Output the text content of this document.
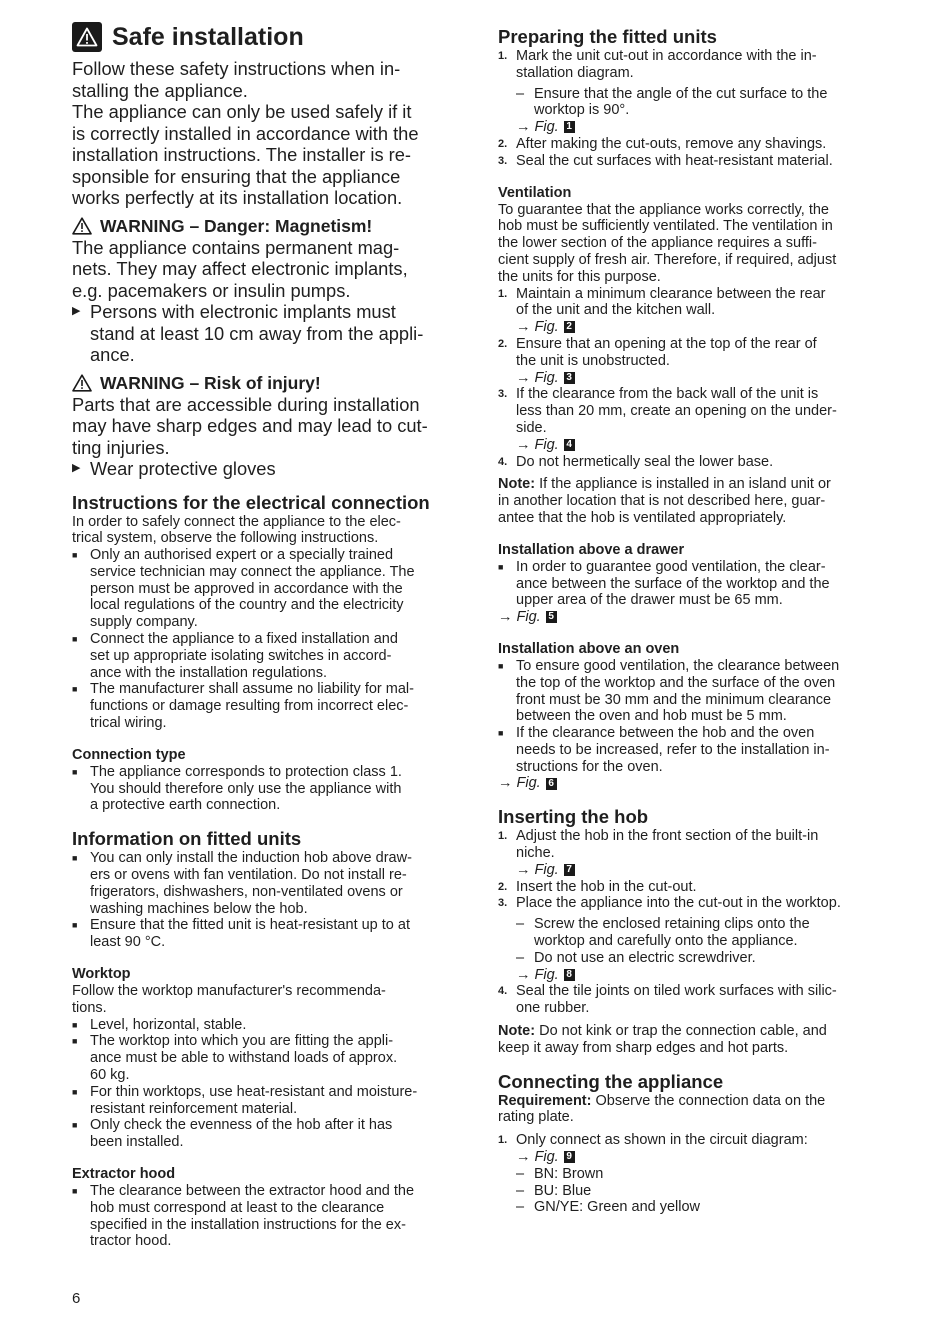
Safe installation

Follow these safety instructions when in-

stalling the appliance.

The appliance can only be used safely if it

is correctly installed in accordance with the

installation instructions. The installer is re-

sponsible for ensuring that the appliance

works perfectly at its installation location.

WARNING – Danger: Magnetism!

The appliance contains permanent mag-

nets. They may affect electronic implants,

e.g. pacemakers or insulin pumps.

▶ Persons with electronic implants must
stand at least 10 cm away from the appli-
ance.
WARNING – Risk of injury!

Parts that are accessible during installation

may have sharp edges and may lead to cut-

ting injuries.

▶ Wear protective gloves
Instructions for the electrical connection

In order to safely connect the appliance to the elec-

trical system, observe the following instructions.

■ Only an authorised expert or a specially trained
service technician may connect the appliance. The
person must be approved in accordance with the
local regulations of the country and the electricity
supply company.
■ Connect the appliance to a fixed installation and
set up appropriate isolating switches in accord-
ance with the installation regulations.
■ The manufacturer shall assume no liability for mal-
functions or damage resulting from incorrect elec-
trical wiring.
Connection type
■ The appliance corresponds to protection class 1.
You should therefore only use the appliance with
a protective earth connection.
Information on fitted units
■ You can only install the induction hob above draw-
ers or ovens with fan ventilation. Do not install re-
frigerators, dishwashers, non-ventilated ovens or
washing machines below the hob.
■ Ensure that the fitted unit is heat-resistant up to at
least 90 °C.
Worktop

Follow the worktop manufacturer's recommenda-

tions.

■ Level, horizontal, stable.
■ The worktop into which you are fitting the appli-
ance must be able to withstand loads of approx.
60 kg.
■ For thin worktops, use heat-resistant and moisture-
resistant reinforcement material.
■ Only check the evenness of the hob after it has
been installed.
Extractor hood
■ The clearance between the extractor hood and the
hob must correspond at least to the clearance
specified in the installation instructions for the ex-
tractor hood.
Preparing the fitted units
1. Mark the unit cut-out in accordance with the in-
stallation diagram.
– Ensure that the angle of the cut surface to the
worktop is 90°.
→ Fig. 1
2. After making the cut-outs, remove any shavings.
3. Seal the cut surfaces with heat-resistant material.
Ventilation

To guarantee that the appliance works correctly, the

hob must be sufficiently ventilated. The ventilation in

the lower section of the appliance requires a suffi-

cient supply of fresh air. Therefore, if required, adjust

the units for this purpose.

1. Maintain a minimum clearance between the rear
of the unit and the kitchen wall.
→ Fig. 2
2. Ensure that an opening at the top of the rear of
the unit is unobstructed.
→ Fig. 3
3. If the clearance from the back wall of the unit is
less than 20 mm, create an opening on the under-
side.
→ Fig. 4
4. Do not hermetically seal the lower base.
Note: If the appliance is installed in an island unit or
in another location that is not described here, guar-
antee that the hob is ventilated appropriately.
Installation above a drawer
■ In order to guarantee good ventilation, the clear-
ance between the surface of the worktop and the
upper area of the drawer must be 65 mm.
→ Fig. 5
Installation above an oven
■ To ensure good ventilation, the clearance between
the top of the worktop and the surface of the oven
front must be 30 mm and the minimum clearance
between the oven and hob must be 5 mm.
■ If the clearance between the hob and the oven
needs to be increased, refer to the installation in-
structions for the oven.
→ Fig. 6
Inserting the hob
1. Adjust the hob in the front section of the built-in
niche.
→ Fig. 7
2. Insert the hob in the cut-out.
3. Place the appliance into the cut-out in the worktop.
– Screw the enclosed retaining clips onto the
worktop and carefully onto the appliance.
– Do not use an electric screwdriver.
→ Fig. 8
4. Seal the tile joints on tiled work surfaces with silic-
one rubber.
Note: Do not kink or trap the connection cable, and
keep it away from sharp edges and hot parts.
Connecting the appliance
Requirement: Observe the connection data on the
rating plate.
1. Only connect as shown in the circuit diagram:
→ Fig. 9
– BN: Brown
– BU: Blue
– GN/YE: Green and yellow
6
